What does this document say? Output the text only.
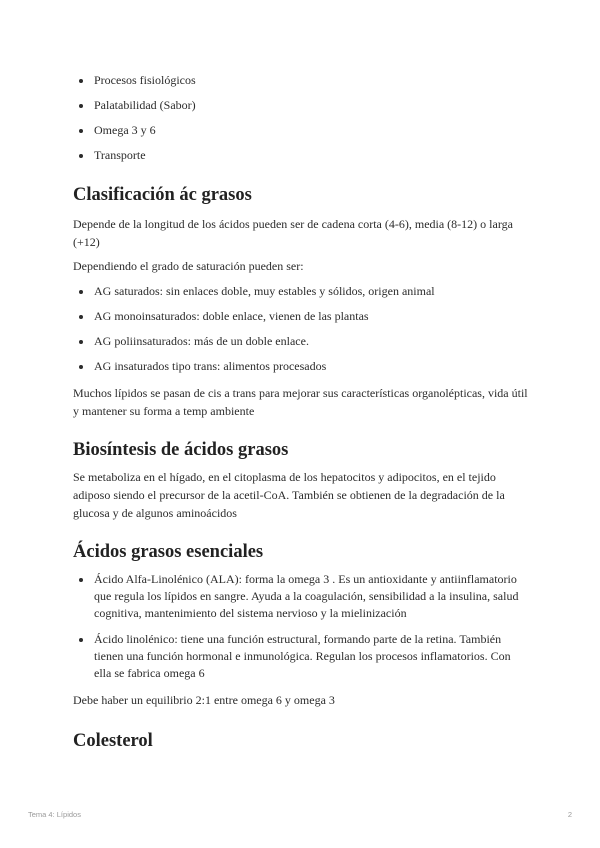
Procesos fisiológicos
Palatabilidad (Sabor)
Omega 3 y 6
Transporte
Clasificación ác grasos

Depende de la longitud de los ácidos pueden ser de cadena corta (4-6), media (8-12) o larga (+12)

Dependiendo el grado de saturación pueden ser:

AG saturados: sin enlaces doble, muy estables y sólidos, origen animal
AG monoinsaturados: doble enlace, vienen de las plantas
AG poliinsaturados: más de un doble enlace.
AG insaturados tipo trans: alimentos procesados

Muchos lípidos se pasan de cis a trans para mejorar sus características organolépticas, vida útil y mantener su forma a temp ambiente

Biosíntesis de ácidos grasos

Se metaboliza en el hígado, en el citoplasma de los hepatocitos y adipocitos, en el tejido adiposo siendo el precursor de la acetil-CoA. También se obtienen de la degradación de la glucosa y de algunos aminoácidos

Ácidos grasos esenciales
Ácido Alfa-Linolénico (ALA): forma la omega 3 . Es un antioxidante y antiinflamatorio que regula los lípidos en sangre. Ayuda a la coagulación, sensibilidad a la insulina, salud cognitiva, mantenimiento del sistema nervioso y la mielinización
Ácido linolénico: tiene una función estructural, formando parte de la retina. También tienen una función hormonal e inmunológica. Regulan los procesos inflamatorios. Con ella se fabrica omega 6

Debe haber un equilibrio 2:1 entre omega 6 y omega 3

Colesterol
Tema 4: Lípidos	2
